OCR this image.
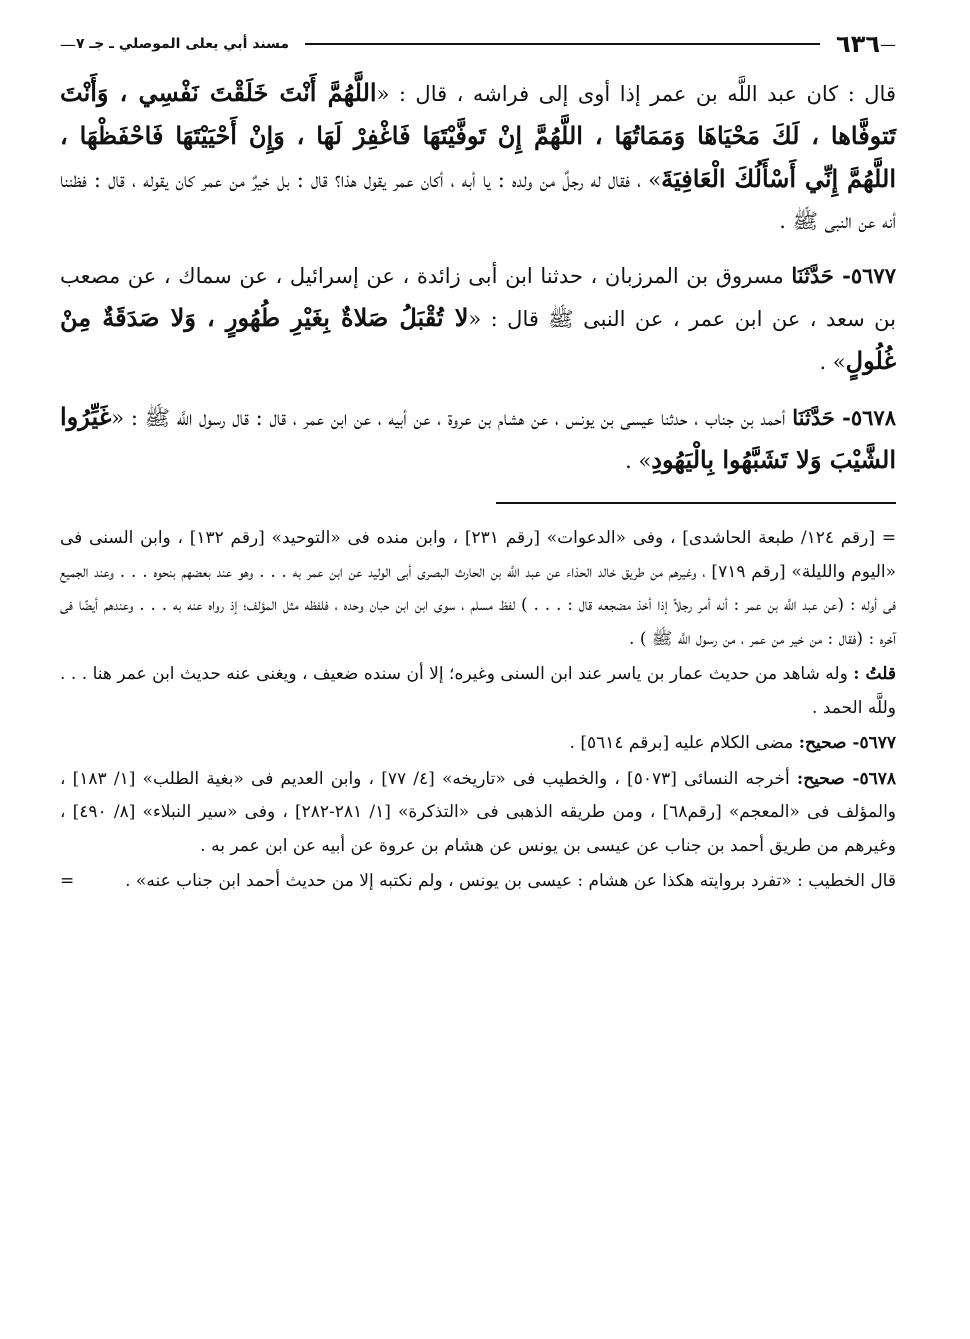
—
٦٣٦
مسند أبي يعلى الموصلي ـ جـ ٧
—

قال : كان عبد اللَّه بن عمر إذا أوى إلى فراشه ، قال : «اللَّهُمَّ أَنْتَ خَلَقْتَ نَفْسِي ، وَأَنْتَ تَتوفَّاها ، لَكَ مَحْيَاهَا وَمَمَاتُهَا ، اللَّهُمَّ إِنْ تَوفَّيْتَهَا فَاغْفِرْ لَهَا ، وَإِنْ أَحْيَيْتَهَا فَاحْفَظْهَا ، اللَّهُمَّ إِنِّي أَسْأَلُكَ الْعَافِيَةَ» ، فقال له رجلٌ من ولده : يا أبه ، أكان عمر يقول هذا؟ قال : بل خيرٌ من عمر كان يقوله ، قال : فظننا أنه عن النبى ﷺ .

٥٦٧٧- حَدَّثَنَا مسروق بن المرزبان ، حدثنا ابن أبى زائدة ، عن إسرائيل ، عن سماك ، عن مصعب بن سعد ، عن ابن عمر ، عن النبى ﷺ قال : «لا تُقْبَلُ صَلاةٌ بِغَيْرِ طُهُورٍ ، وَلا صَدَقَةٌ مِنْ غُلُولٍ» .

٥٦٧٨- حَدَّثَنَا أحمد بن جناب ، حدثنا عيسى بن يونس ، عن هشام بن عروة ، عن أبيه ، عن ابن عمر ، قال : قال رسول اللَّه ﷺ : «غَيِّرُوا الشَّيْبَ وَلا تَشَبَّهُوا بِالْيَهُودِ» .

= [رقم ١٢٤/ طبعة الحاشدى] ، وفى «الدعوات» [رقم ٢٣١] ، وابن منده فى «التوحيد» [رقم ١٣٢] ، وابن السنى فى «اليوم والليلة» [رقم ٧١٩] ، وغيرهم من طريق خالد الحذاء عن عبد اللَّه بن الحارث البصرى أبى الوليد عن ابن عمر به . . . وهو عند بعضهم بنحوه . . . وعند الجميع فى أوله : (عن عبد اللَّه بن عمر : أنه أمر رجلاً إذا أخذ مضجعه قال : . . . ) لفظ مسلم ، سوى ابن ابن حبان وحده ، فلفظه مثل المؤلف؛ إذ رواه عنه به . . . وعندهم أيضًا فى آخره : (فقال : من خير من عمر ، من رسول اللَّه ﷺ ) .

قلتُ : وله شاهد من حديث عمار بن ياسر عند ابن السنى وغيره؛ إلا أن سنده ضعيف ، ويغنى عنه حديث ابن عمر هنا . . . وللَّه الحمد .

٥٦٧٧- صحيح: مضى الكلام عليه [برقم ٥٦١٤] .

٥٦٧٨- صحيح: أخرجه النسائى [٥٠٧٣] ، والخطيب فى «تاريخه» [٤/ ٧٧] ، وابن العديم فى «بغية الطلب» [١/ ١٨٣] ، والمؤلف فى «المعجم» [رقم٦٨] ، ومن طريقه الذهبى فى «التذكرة» [١/ ٢٨١-٢٨٢] ، وفى «سير النبلاء» [٨/ ٤٩٠] ، وغيرهم من طريق أحمد بن جناب عن عيسى بن يونس عن هشام بن عروة عن أبيه عن ابن عمر به .

قال الخطيب : «تفرد بروايته هكذا عن هشام : عيسى بن يونس ، ولم نكتبه إلا من حديث أحمد ابن جناب عنه» .

=
